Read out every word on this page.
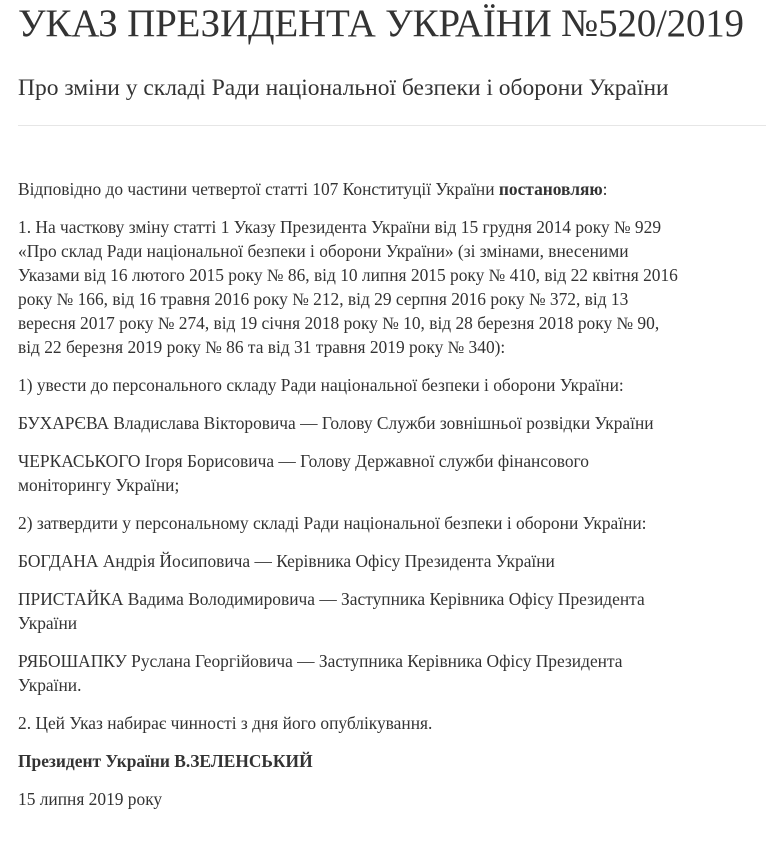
УКАЗ ПРЕЗИДЕНТА УКРАЇНИ №520/2019
Про зміни у складі Ради національної безпеки і оборони України

Відповідно до частини четвертої статті 107 Конституції України постановляю:

1. На часткову зміну статті 1 Указу Президента України від 15 грудня 2014 року № 929
«Про склад Ради національної безпеки і оборони України» (зі змінами, внесеними
Указами від 16 лютого 2015 року № 86, від 10 липня 2015 року № 410, від 22 квітня 2016
року № 166, від 16 травня 2016 року № 212, від 29 серпня 2016 року № 372, від 13
вересня 2017 року № 274, від 19 січня 2018 року № 10, від 28 березня 2018 року № 90,
від 22 березня 2019 року № 86 та від 31 травня 2019 року № 340):

1) увести до персонального складу Ради національної безпеки і оборони України:

БУХАРЄВА Владислава Вікторовича — Голову Служби зовнішньої розвідки України

ЧЕРКАСЬКОГО Ігоря Борисовича — Голову Державної служби фінансового
моніторингу України;

2) затвердити у персональному складі Ради національної безпеки і оборони України:

БОГДАНА Андрія Йосиповича — Керівника Офісу Президента України

ПРИСТАЙКА Вадима Володимировича — Заступника Керівника Офісу Президента
України

РЯБОШАПКУ Руслана Георгійовича — Заступника Керівника Офісу Президента
України.

2. Цей Указ набирає чинності з дня його опублікування.

Президент України В.ЗЕЛЕНСЬКИЙ

15 липня 2019 року
